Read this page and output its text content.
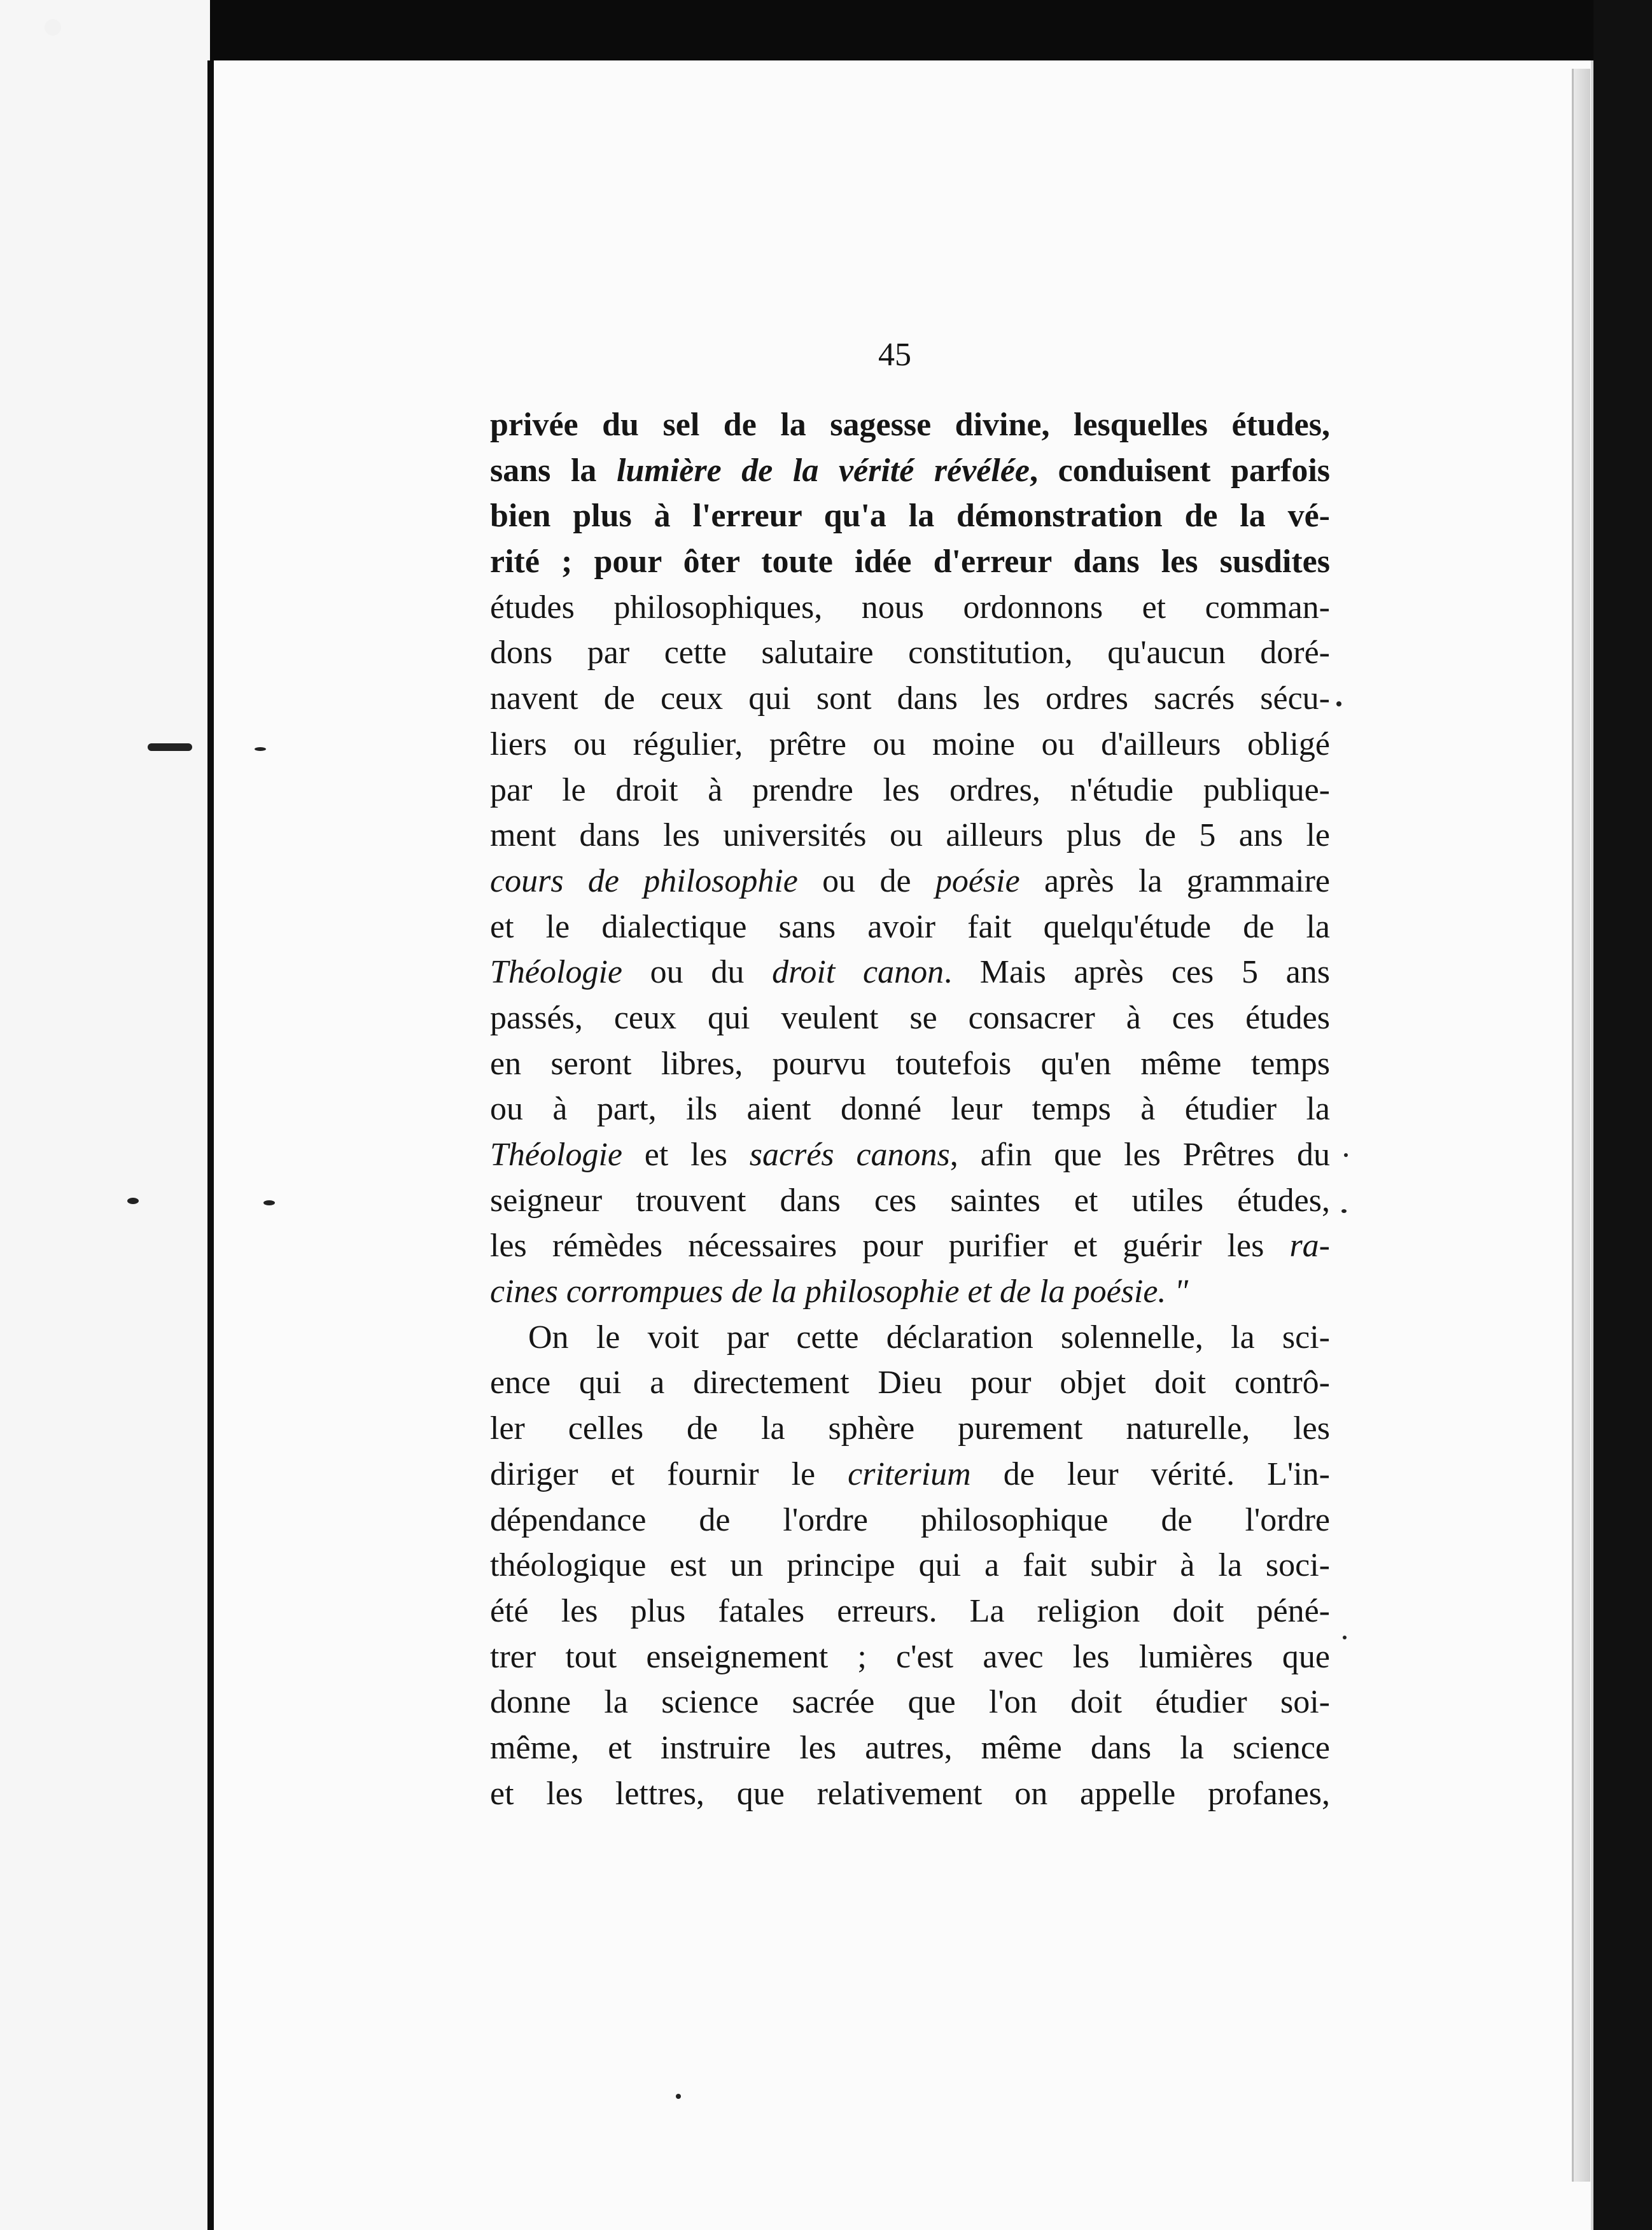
45
privée du sel de la sagesse divine, lesquelles études,
sans la lumière de la vérité révélée, conduisent parfois
bien plus à l'erreur qu'a la démonstration de la vé-
rité ; pour ôter toute idée d'erreur dans les susdites
études philosophiques, nous ordonnons et comman-
dons par cette salutaire constitution, qu'aucun doré-
navent de ceux qui sont dans les ordres sacrés sécu-
liers ou régulier, prêtre ou moine ou d'ailleurs obligé
par le droit à prendre les ordres, n'étudie publique-
ment dans les universités ou ailleurs plus de 5 ans le
cours de philosophie ou de poésie après la grammaire
et le dialectique sans avoir fait quelqu'étude de la
Théologie ou du droit canon. Mais après ces 5 ans
passés, ceux qui veulent se consacrer à ces études
en seront libres, pourvu toutefois qu'en même temps
ou à part, ils aient donné leur temps à étudier la
Théologie et les sacrés canons, afin que les Prêtres du
seigneur trouvent dans ces saintes et utiles études,
les rémèdes nécessaires pour purifier et guérir les ra-
cines corrompues de la philosophie et de la poésie. "
On le voit par cette déclaration solennelle, la sci-
ence qui a directement Dieu pour objet doit contrô-
ler celles de la sphère purement naturelle, les
diriger et fournir le criterium de leur vérité. L'in-
dépendance de l'ordre philosophique de l'ordre
théologique est un principe qui a fait subir à la soci-
été les plus fatales erreurs. La religion doit péné-
trer tout enseignement ; c'est avec les lumières que
donne la science sacrée que l'on doit étudier soi-
même, et instruire les autres, même dans la science
et les lettres, que relativement on appelle profanes,
